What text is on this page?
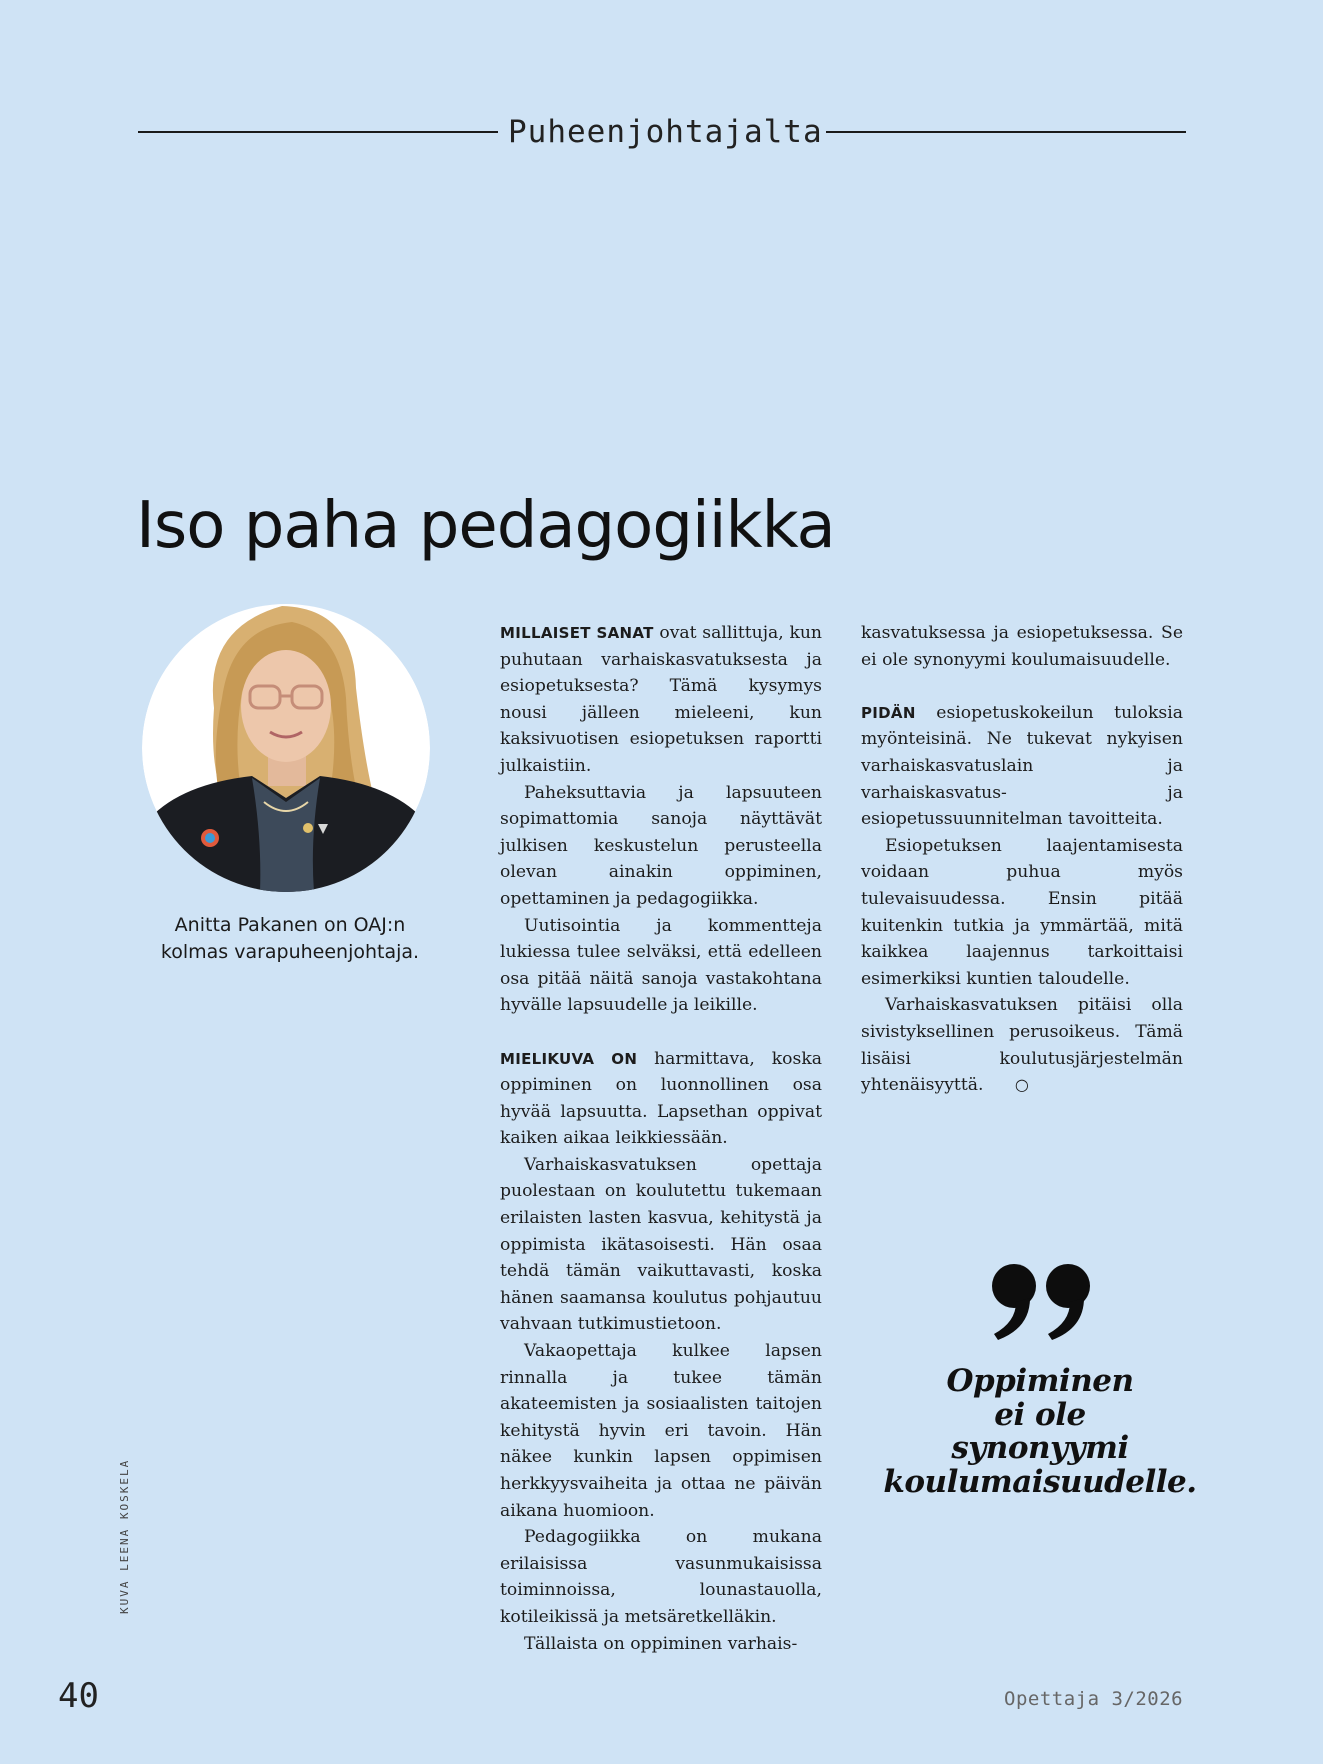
Puheenjohtajalta
Iso paha pedagogiikka

Anitta Pakanen on OAJ:n
kolmas varapuheenjohtaja.

MILLAISET SANAT ovat sallittuja, kun puhutaan varhaiskasvatuksesta ja esiopetuksesta? Tämä kysymys nousi jälleen mieleeni, kun kaksivuotisen esiopetuksen raportti julkaistiin.

Paheksuttavia ja lapsuuteen sopimattomia sanoja näyttävät julkisen keskustelun perusteella olevan ainakin oppiminen, opettaminen ja pedagogiikka.

Uutisointia ja kommentteja lukiessa tulee selväksi, että edelleen osa pitää näitä sanoja vastakohtana hyvälle lapsuudelle ja leikille.

MIELIKUVA ON harmittava, koska oppiminen on luonnollinen osa hyvää lapsuutta. Lapsethan oppivat kaiken aikaa leikkiessään.

Varhaiskasvatuksen opettaja puolestaan on koulutettu tukemaan erilaisten lasten kasvua, kehitystä ja oppimista ikätasoisesti. Hän osaa tehdä tämän vaikuttavasti, koska hänen saamansa koulutus pohjautuu vahvaan tutkimustietoon.

Vakaopettaja kulkee lapsen rinnalla ja tukee tämän akateemisten ja sosiaalisten taitojen kehitystä hyvin eri tavoin. Hän näkee kunkin lapsen oppimisen herkkyysvaiheita ja ottaa ne päivän aikana huomioon.

Pedagogiikka on mukana erilaisissa vasunmukaisissa toiminnoissa, lounastauolla, kotileikissä ja metsäretkelläkin.

Tällaista on oppiminen varhais-

kasvatuksessa ja esiopetuksessa. Se ei ole synonyymi koulumaisuudelle.

PIDÄN esiopetuskokeilun tuloksia myönteisinä. Ne tukevat nykyisen varhaiskasvatuslain ja varhaiskasvatus- ja esiopetussuunnitelman tavoitteita.

Esiopetuksen laajentamisesta voidaan puhua myös tulevaisuudessa. Ensin pitää kuitenkin tutkia ja ymmärtää, mitä kaikkea laajennus tarkoittaisi esimerkiksi kuntien taloudelle.

Varhaiskasvatuksen pitäisi olla sivistyksellinen perusoikeus. Tämä lisäisi koulutusjärjestelmän yhtenäisyyttä. ○

Oppiminen
ei ole
synonyymi
koulumaisuudelle.

KUVA LEENA KOSKELA
40	Opettaja 3/2026
